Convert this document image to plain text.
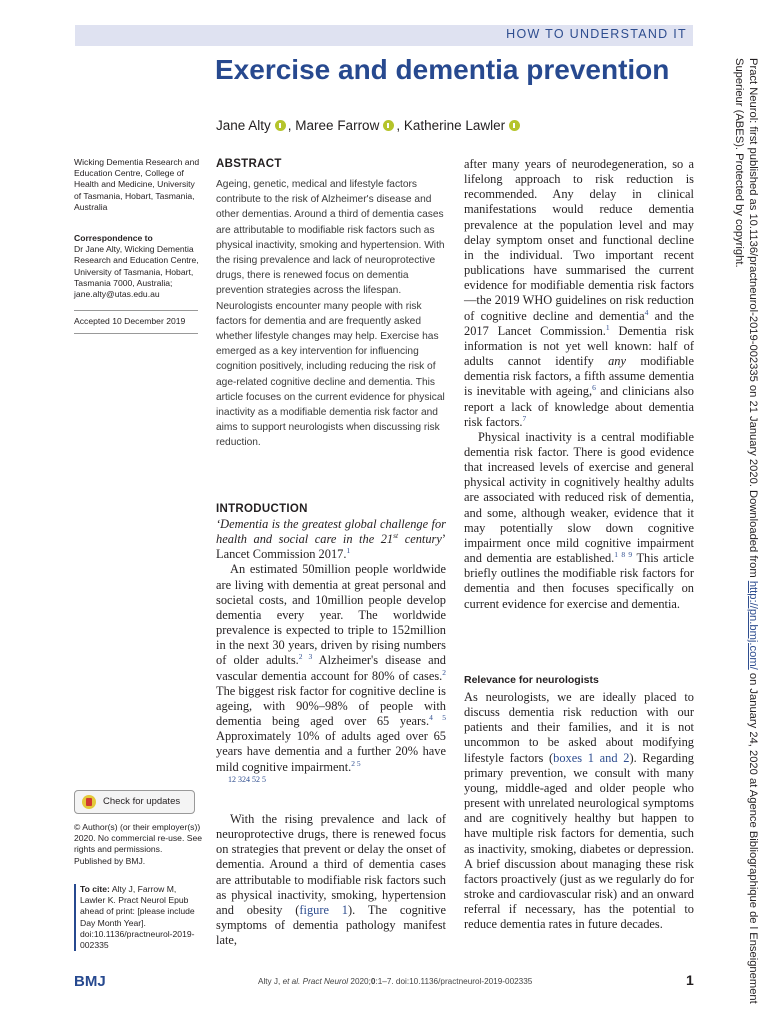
HOW TO UNDERSTAND IT
Exercise and dementia prevention
Jane Alty , Maree Farrow , Katherine Lawler
Wicking Dementia Research and Education Centre, College of Health and Medicine, University of Tasmania, Hobart, Tasmania, Australia
Correspondence to
Dr Jane Alty, Wicking Dementia Research and Education Centre, University of Tasmania, Hobart, Tasmania 7000, Australia; jane.alty@utas.edu.au
Accepted 10 December 2019
Check for updates
© Author(s) (or their employer(s)) 2020. No commercial re-use. See rights and permissions. Published by BMJ.
To cite: Alty J, Farrow M, Lawler K. Pract Neurol Epub ahead of print: [please include Day Month Year]. doi:10.1136/practneurol-2019-002335
ABSTRACT
Ageing, genetic, medical and lifestyle factors contribute to the risk of Alzheimer's disease and other dementias. Around a third of dementia cases are attributable to modifiable risk factors such as physical inactivity, smoking and hypertension. With the rising prevalence and lack of neuroprotective drugs, there is renewed focus on dementia prevention strategies across the lifespan. Neurologists encounter many people with risk factors for dementia and are frequently asked whether lifestyle changes may help. Exercise has emerged as a key intervention for influencing cognition positively, including reducing the risk of age-related cognitive decline and dementia. This article focuses on the current evidence for physical inactivity as a modifiable dementia risk factor and aims to support neurologists when discussing risk reduction.
INTRODUCTION

‘Dementia is the greatest global challenge for health and social care in the 21st century’ Lancet Commission 2017.$^1$

An estimated 50million people worldwide are living with dementia at great personal and societal costs, and 10million people develop dementia every year. The worldwide prevalence is expected to triple to 152million in the next 30 years, driven by rising numbers of older adults.$^{2 3}$ Alzheimer's disease and vascular dementia account for 80% of cases.$^2$ The biggest risk factor for cognitive decline is ageing, with 90%–98% of people with dementia being aged over 65 years.$^{4 5}$ Approximately 10% of adults aged over 65 years have dementia and a further 20% have mild cognitive impairment.$^{2 5}$

12 324 52 5

With the rising prevalence and lack of neuroprotective drugs, there is renewed focus on strategies that prevent or delay the onset of dementia. Around a third of dementia cases are attributable to modifiable risk factors such as physical inactivity, smoking, hypertension and obesity (figure 1). The cognitive symptoms of dementia pathology manifest late,

after many years of neurodegeneration, so a lifelong approach to risk reduction is recommended. Any delay in clinical manifestations would reduce dementia prevalence at the population level and may delay symptom onset and functional decline in the individual. Two important recent publications have summarised the current evidence for modifiable dementia risk factors—the 2019 WHO guidelines on risk reduction of cognitive decline and dementia$^4$ and the 2017 Lancet Commission.$^1$ Dementia risk information is not yet well known: half of adults cannot identify any modifiable dementia risk factors, a fifth assume dementia is inevitable with ageing,$^6$ and clinicians also report a lack of knowledge about dementia risk factors.$^7$

Physical inactivity is a central modifiable dementia risk factor. There is good evidence that increased levels of exercise and general physical activity in cognitively healthy adults are associated with reduced risk of dementia, and some, although weaker, evidence that it may potentially slow down cognitive impairment once mild cognitive impairment and dementia are established.$^{1 8 9}$ This article briefly outlines the modifiable risk factors for dementia and then focuses specifically on current evidence for exercise and dementia.

Relevance for neurologists

As neurologists, we are ideally placed to discuss dementia risk reduction with our patients and their families, and it is not uncommon to be asked about modifying lifestyle factors (boxes 1 and 2). Regarding primary prevention, we consult with many young, middle-aged and older people who present with unrelated neurological symptoms and are cognitively healthy but happen to have multiple risk factors for dementia, such as inactivity, smoking, diabetes or depression. A brief discussion about managing these risk factors proactively (just as we regularly do for stroke and cardiovascular risk) and an onward referral if necessary, has the potential to reduce dementia rates in future decades.

Pract Neurol: first published as 10.1136/practneurol-2019-002335 on 21 January 2020. Downloaded from http://pn.bmj.com/ on January 24, 2020 at Agence Bibliographique de l Enseignement Superieur (ABES). Protected by copyright.
BMJ	Alty J, et al. Pract Neurol 2020;0:1–7. doi:10.1136/practneurol-2019-002335	1
